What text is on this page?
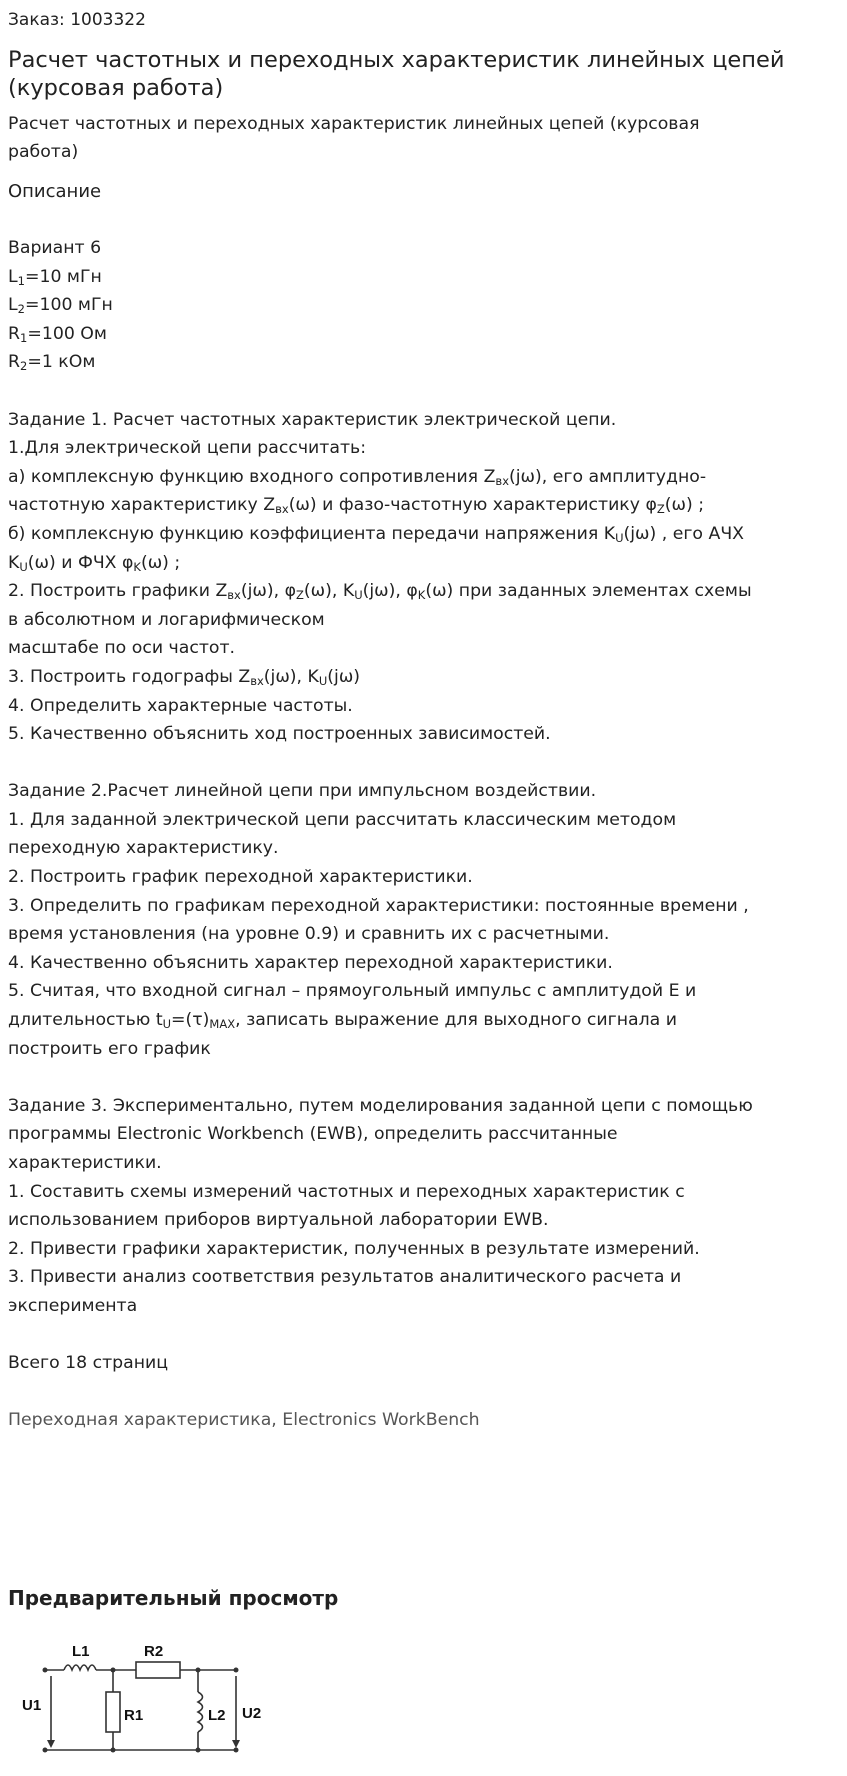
Заказ: 1003322
Расчет частотных и переходных характеристик линейных цепей
(курсовая работа)
Расчет частотных и переходных характеристик линейных цепей (курсовая
работа)
Описание
Вариант 6
$L_1=10$ мГн
$L_2=100$ мГн
$R_1=100$ Ом
$R_2=1$ кОм
Задание 1. Расчет частотных характеристик электрической цепи.
1.Для электрической цепи рассчитать:
а) комплексную функцию входного сопротивления $Z_{вх}(j\omega)$, его амплитудно-
частотную характеристику $Z_{вх}(\omega)$ и фазо-частотную характеристику $\varphi_Z(\omega)$ ;
б) комплексную функцию коэффициента передачи напряжения $K_U(j\omega)$ , его АЧХ
$K_U(\omega)$ и ФЧХ $\varphi_K(\omega)$ ;
2. Построить графики $Z_{вх}(j\omega)$, $\varphi_Z(\omega)$, $K_U(j\omega)$, $\varphi_K(\omega)$ при заданных элементах схемы
в абсолютном и логарифмическом
масштабе по оси частот.
3. Построить годографы $Z_{вх}(j\omega)$, $K_U(j\omega)$
4. Определить характерные частоты.
5. Качественно объяснить ход построенных зависимостей.
Задание 2.Расчет линейной цепи при импульсном воздействии.
1. Для заданной электрической цепи рассчитать классическим методом
переходную характеристику.
2. Построить график переходной характеристики.
3. Определить по графикам переходной характеристики: постоянные времени ,
время установления (на уровне 0.9) и сравнить их с расчетными.
4. Качественно объяснить характер переходной характеристики.
5. Считая, что входной сигнал – прямоугольный импульс с амплитудой E и
длительностью $t_U=(\tau)_{MAX}$, записать выражение для выходного сигнала и
построить его график
Задание 3. Экспериментально, путем моделирования заданной цепи с помощью
программы Electronic Workbench (EWB), определить рассчитанные
характеристики.
1. Составить схемы измерений частотных и переходных характеристик с
использованием приборов виртуальной лаборатории EWB.
2. Привести графики характеристик, полученных в результате измерений.
3. Привести анализ соответствия результатов аналитического расчета и
эксперимента
Всего 18 страниц
Переходная характеристика, Electronics WorkBench
Предварительный просмотр
L1	R2
U1
R1	L2 U2
